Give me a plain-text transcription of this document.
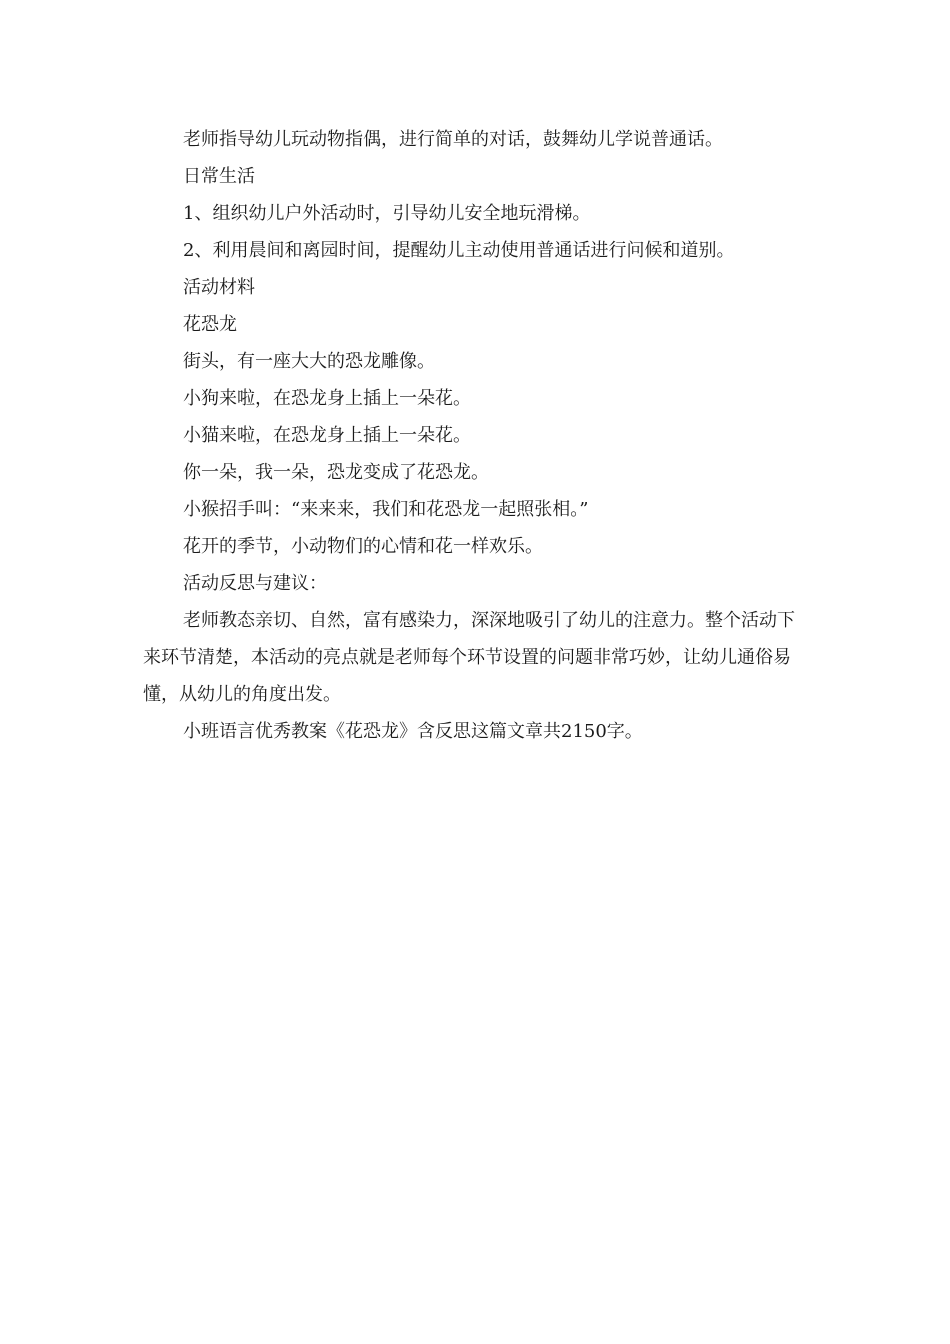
老师指导幼儿玩动物指偶，进行简单的对话，鼓舞幼儿学说普通话。

日常生活

1、组织幼儿户外活动时，引导幼儿安全地玩滑梯。

2、利用晨间和离园时间，提醒幼儿主动使用普通话进行问候和道别。

活动材料

花恐龙

街头，有一座大大的恐龙雕像。

小狗来啦，在恐龙身上插上一朵花。

小猫来啦，在恐龙身上插上一朵花。

你一朵，我一朵，恐龙变成了花恐龙。

小猴招手叫：“来来来，我们和花恐龙一起照张相。”

花开的季节，小动物们的心情和花一样欢乐。

活动反思与建议：

老师教态亲切、自然，富有感染力，深深地吸引了幼儿的注意力。整个活动下来环节清楚，本活动的亮点就是老师每个环节设置的问题非常巧妙，让幼儿通俗易懂，从幼儿的角度出发。

小班语言优秀教案《花恐龙》含反思这篇文章共2150字。
